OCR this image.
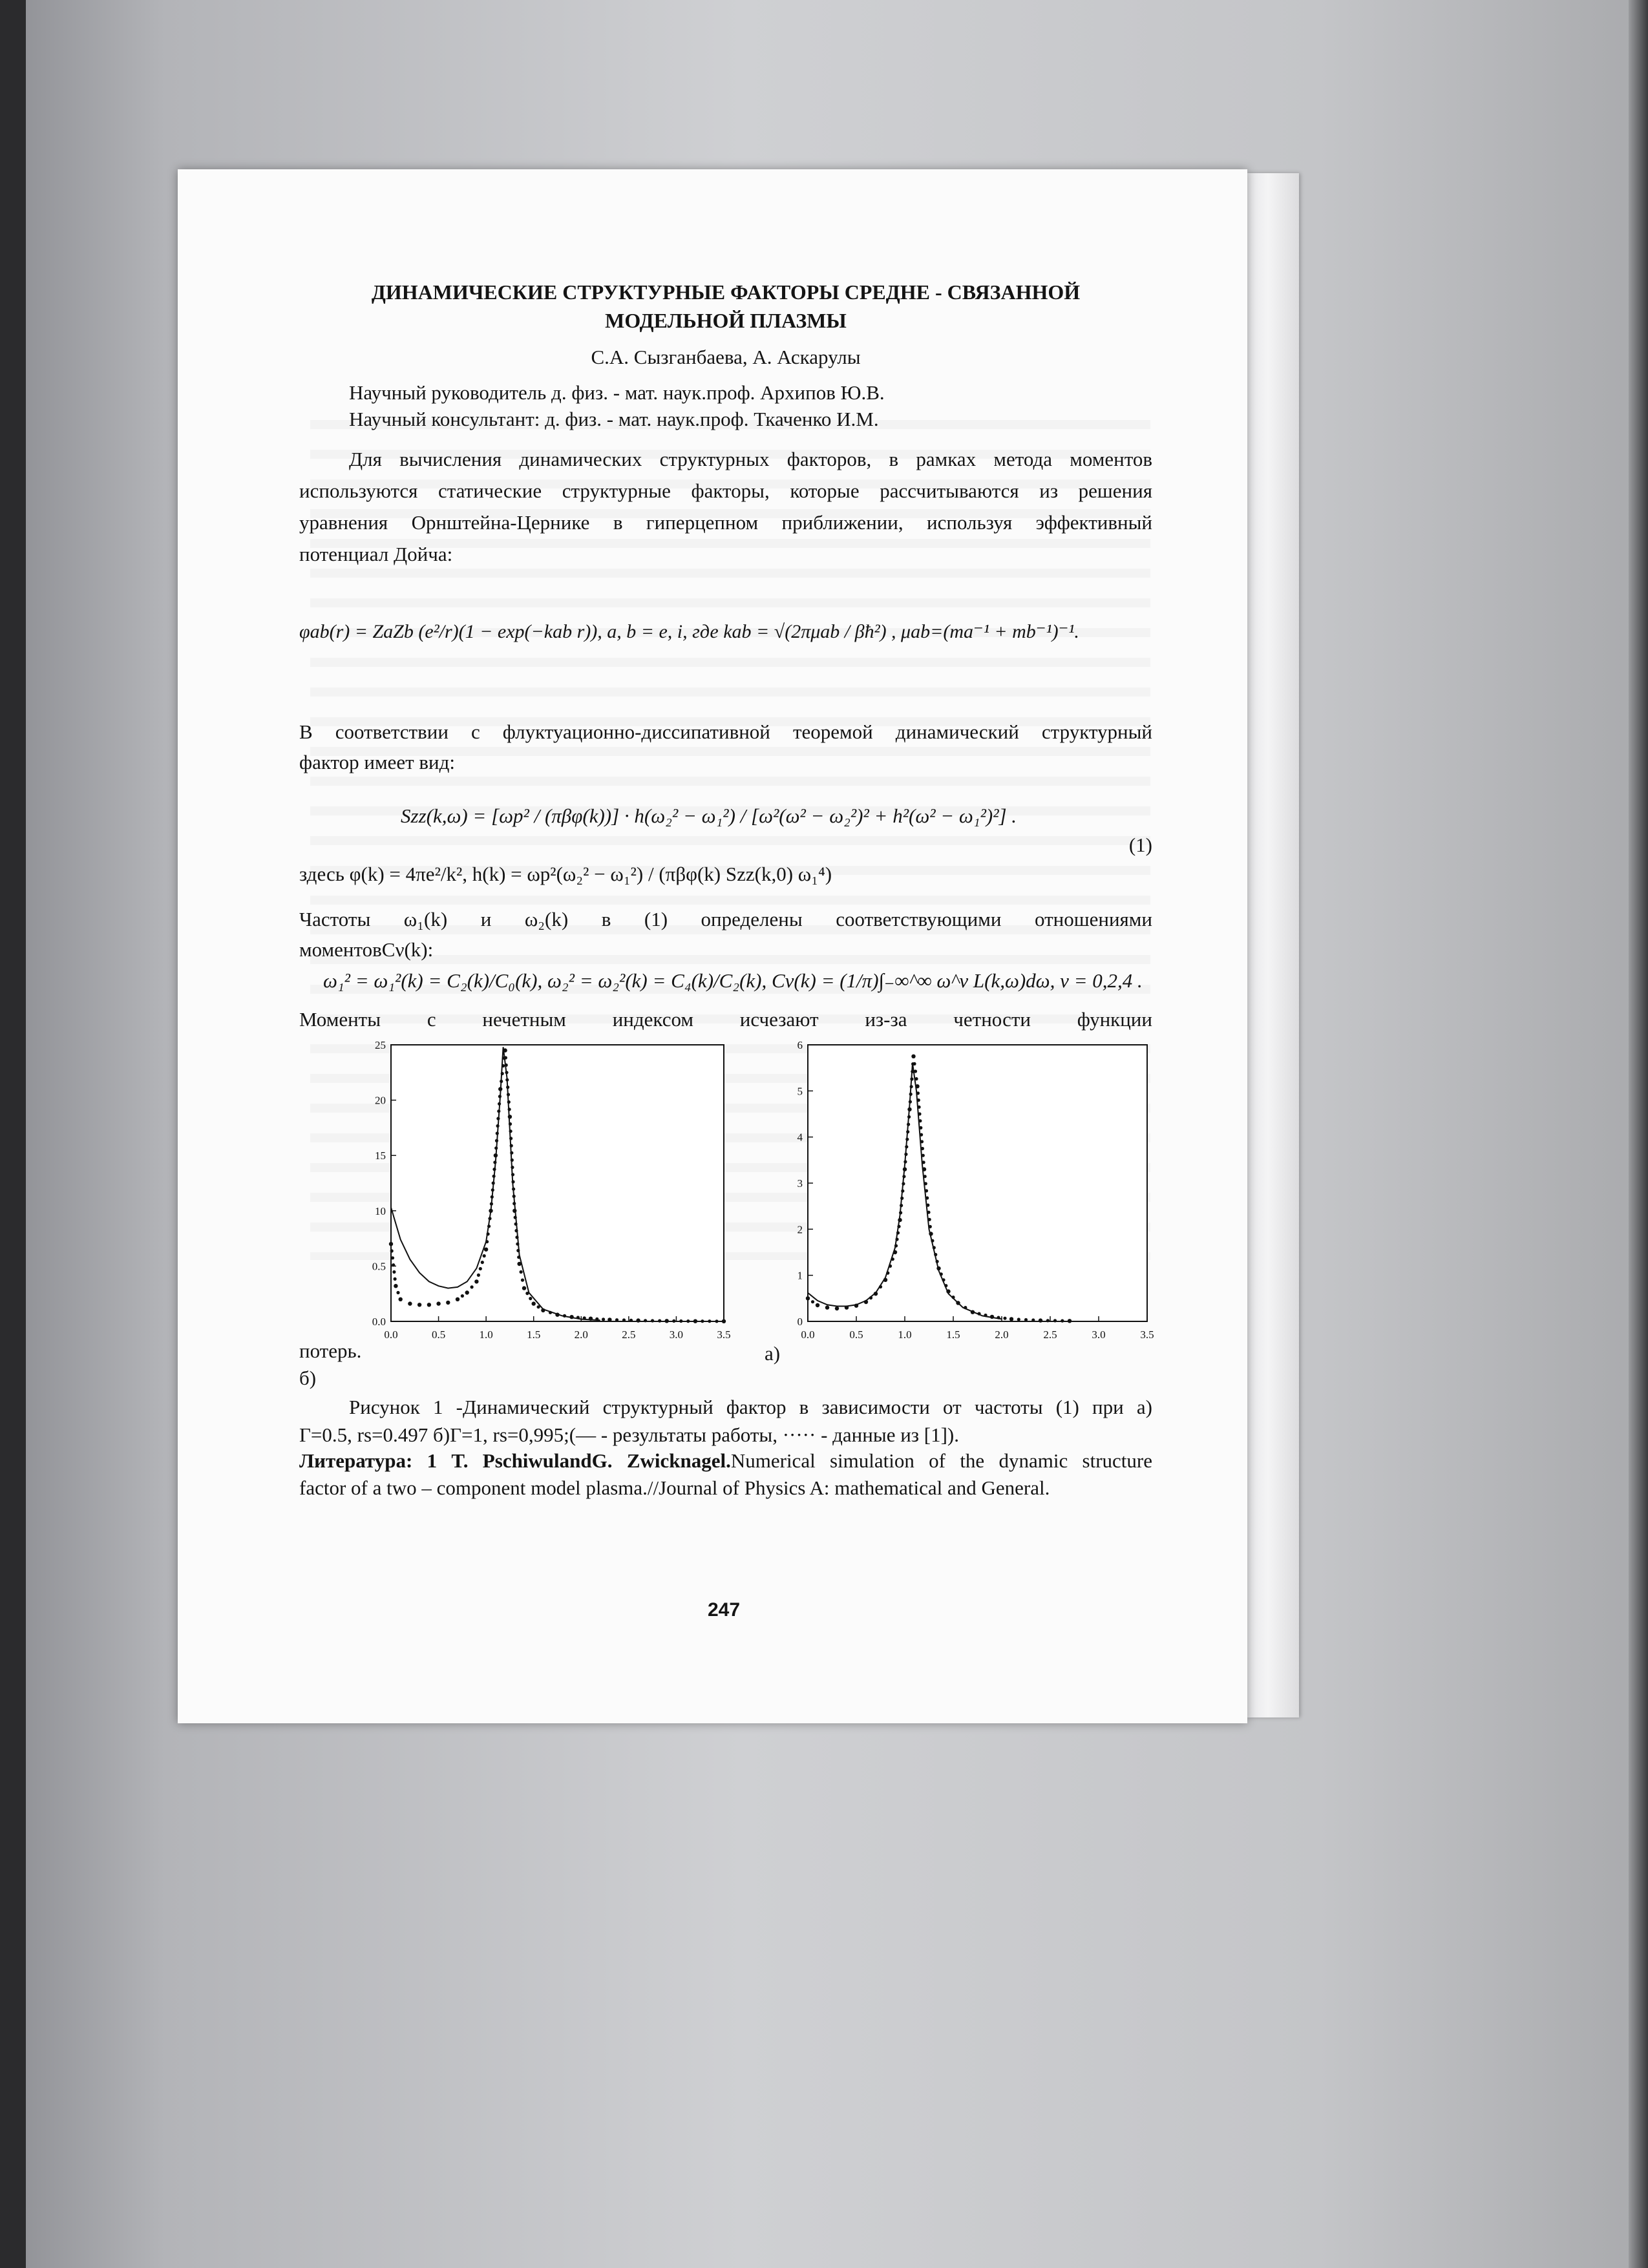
ДИНАМИЧЕСКИЕ СТРУКТУРНЫЕ ФАКТОРЫ СРЕДНЕ - СВЯЗАННОЙ
МОДЕЛЬНОЙ ПЛАЗМЫ
С.А. Сызганбаева, А. Аскарулы
Научный руководитель д. физ. - мат. наук.проф. Архипов Ю.В.
Научный консультант: д. физ. - мат. наук.проф. Ткаченко И.М.
Для вычисления динамических структурных факторов, в рамках метода моментов
используются статические структурные факторы, которые рассчитываются из решения
уравнения Орнштейна-Цернике в гиперцепном приближении, используя эффективный
потенциал Дойча:
φab(r) = ZaZb (e²/r)(1 − exp(−kab r)), a, b = e, i, где kab = √(2πμab / βħ²) , μab=(ma⁻¹ + mb⁻¹)⁻¹.
В соответствии с флуктуационно-диссипативной теоремой динамический структурный
фактор имеет вид:
Szz(k,ω) = [ωp² / (πβφ(k))] · h(ω₂² − ω₁²) / [ω²(ω² − ω₂²)² + h²(ω² − ω₁²)²] .
(1)
здесь φ(k) = 4πe²/k², h(k) = ωp²(ω₂² − ω₁²) / (πβφ(k) Szz(k,0) ω₁⁴)
Частоты ω₁(k) и ω₂(k) в (1) определены соответствующими отношениями
моментовCν(k):
ω₁² = ω₁²(k) = C₂(k)/C₀(k), ω₂² = ω₂²(k) = C₄(k)/C₂(k), Cν(k) = (1/π)∫₋∞^∞ ω^ν L(k,ω)dω, ν = 0,2,4 .
Моменты с нечетным индексом исчезают из-за четности функции
0.0	0.5	1.0	1.5	2.0	2.5	3.0	3.5
0.0
0.5
10
15
20
25
0.0	0.5	1.0	1.5	2.0	2.5	3.0	3.5
0
1
2
3
4
5
6
потерь.	а)
б)
Рисунок 1 -Динамический структурный фактор в зависимости от частоты (1) при а)
Г=0.5, rs=0.497 б)Г=1, rs=0,995;(— - результаты работы, ····· - данные из [1]).
Литература: 1 T. PschiwulandG. Zwicknagel.Numerical simulation of the dynamic structure
factor of a two – component model plasma.//Journal of Physics A: mathematical and General.
247
